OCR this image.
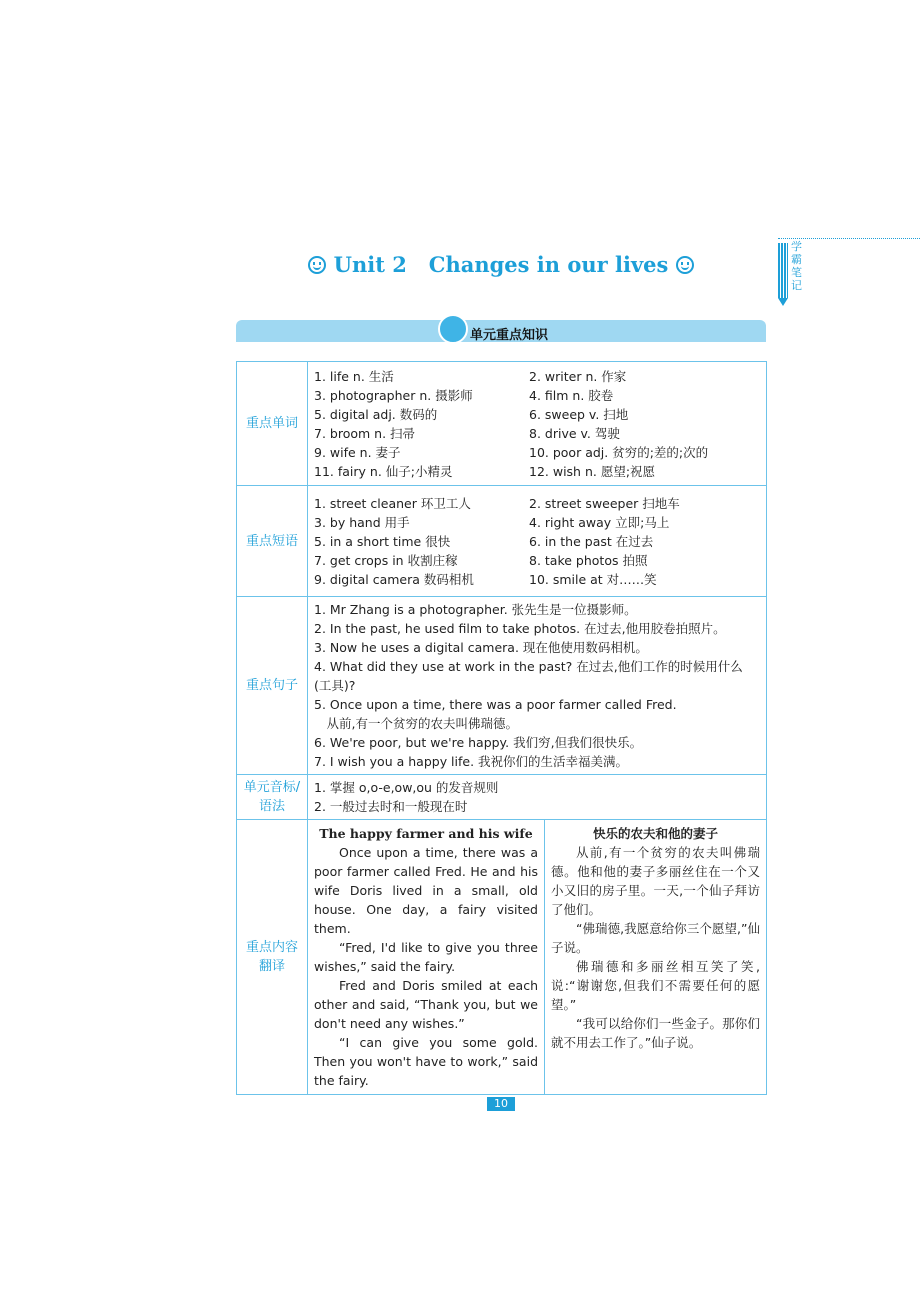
学霸笔记
Unit 2   Changes in our lives
单元重点知识
重点单词	
1. life n. 生活	2. writer n. 作家
3. photographer n. 摄影师	4. film n. 胶卷
5. digital adj. 数码的	6. sweep v. 扫地
7. broom n. 扫帚	8. drive v. 驾驶
9. wife n. 妻子	10. poor adj. 贫穷的;差的;次的
11. fairy n. 仙子;小精灵	12. wish n. 愿望;祝愿

重点短语	
1. street cleaner 环卫工人	2. street sweeper 扫地车
3. by hand 用手	4. right away 立即;马上
5. in a short time 很快	6. in the past 在过去
7. get crops in 收割庄稼	8. take photos 拍照
9. digital camera 数码相机	10. smile at 对……笑

重点句子	
1. Mr Zhang is a photographer. 张先生是一位摄影师。
2. In the past, he used film to take photos. 在过去,他用胶卷拍照片。
3. Now he uses a digital camera. 现在他使用数码相机。
4. What did they use at work in the past? 在过去,他们工作的时候用什么(工具)?
5. Once upon a time, there was a poor farmer called Fred.
　从前,有一个贫穷的农夫叫佛瑞德。
6. We're poor, but we're happy. 我们穷,但我们很快乐。
7. I wish you a happy life. 我祝你们的生活幸福美满。

单元音标/语法	
1. 掌握 o,o-e,ow,ou 的发音规则
2. 一般过去时和一般现在时

重点内容翻译	
The happy farmer and his wife

Once upon a time, there was a poor farmer called Fred. He and his wife Doris lived in a small, old house. One day, a fairy visited them.

“Fred, I'd like to give you three wishes,” said the fairy.

Fred and Doris smiled at each other and said, “Thank you, but we don't need any wishes.”

“I can give you some gold. Then you won't have to work,” said the fairy.

快乐的农夫和他的妻子

从前,有一个贫穷的农夫叫佛瑞德。他和他的妻子多丽丝住在一个又小又旧的房子里。一天,一个仙子拜访了他们。

“佛瑞德,我愿意给你三个愿望,”仙子说。

佛瑞德和多丽丝相互笑了笑,说:“谢谢您,但我们不需要任何的愿望。”

“我可以给你们一些金子。那你们就不用去工作了。”仙子说。

10
